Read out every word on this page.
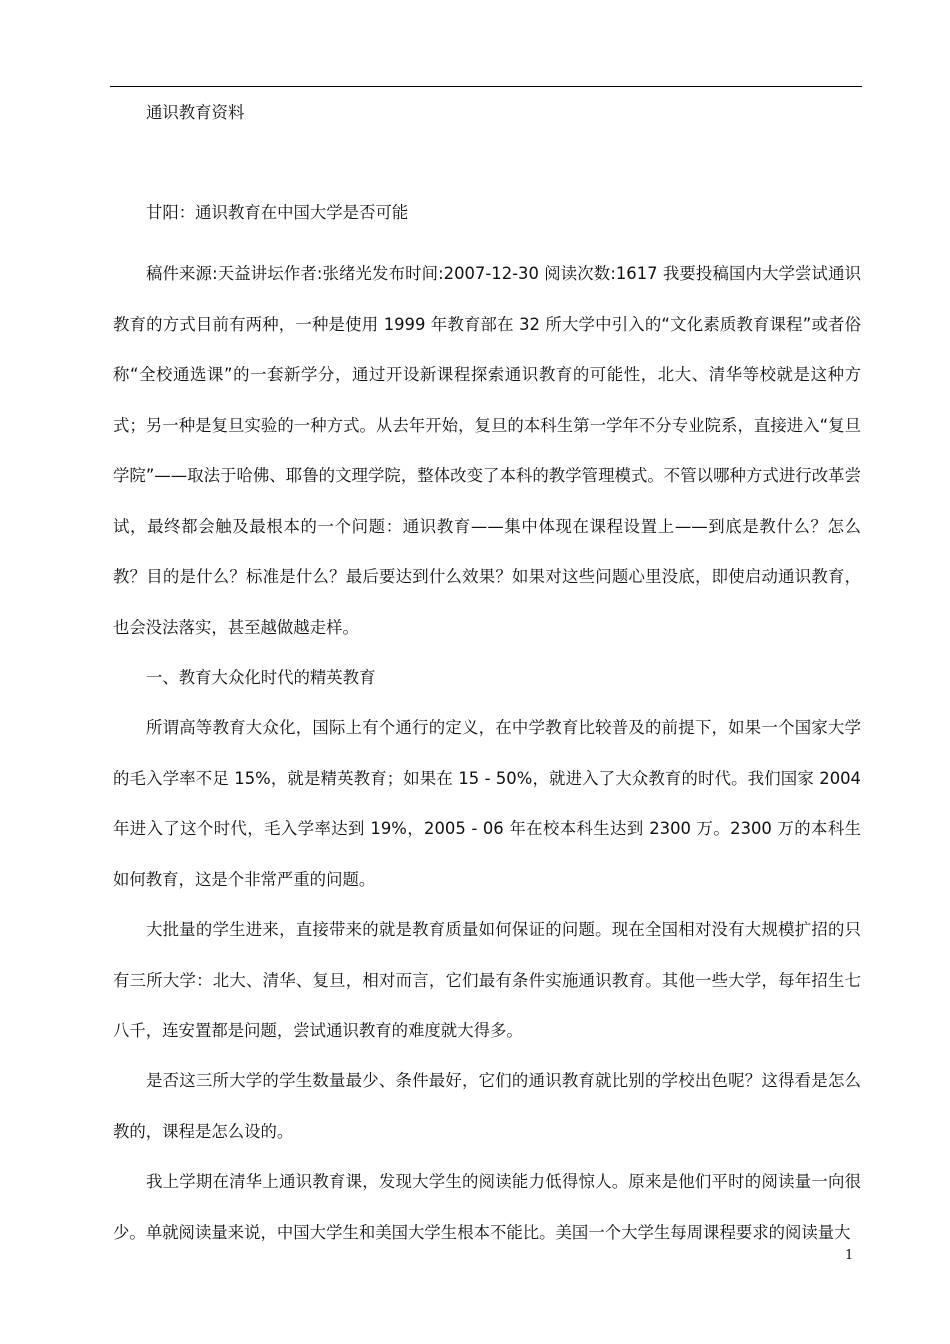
通识教育资料

甘阳：通识教育在中国大学是否可能

稿件来源:天益讲坛作者:张绪光发布时间:2007-12-30 阅读次数:1617 我要投稿国内大学尝试通识教育的方式目前有两种，一种是使用 1999 年教育部在 32 所大学中引入的“文化素质教育课程”或者俗称“全校通选课”的一套新学分，通过开设新课程探索通识教育的可能性，北大、清华等校就是这种方式；另一种是复旦实验的一种方式。从去年开始，复旦的本科生第一学年不分专业院系，直接进入“复旦学院”——取法于哈佛、耶鲁的文理学院，整体改变了本科的教学管理模式。不管以哪种方式进行改革尝试，最终都会触及最根本的一个问题：通识教育——集中体现在课程设置上——到底是教什么？怎么教？目的是什么？标准是什么？最后要达到什么效果？如果对这些问题心里没底，即使启动通识教育，也会没法落实，甚至越做越走样。

一、教育大众化时代的精英教育

所谓高等教育大众化，国际上有个通行的定义，在中学教育比较普及的前提下，如果一个国家大学的毛入学率不足 15%，就是精英教育；如果在 15 - 50%，就进入了大众教育的时代。我们国家 2004 年进入了这个时代，毛入学率达到 19%，2005 - 06 年在校本科生达到 2300 万。2300 万的本科生如何教育，这是个非常严重的问题。

大批量的学生进来，直接带来的就是教育质量如何保证的问题。现在全国相对没有大规模扩招的只有三所大学：北大、清华、复旦，相对而言，它们最有条件实施通识教育。其他一些大学，每年招生七八千，连安置都是问题，尝试通识教育的难度就大得多。

是否这三所大学的学生数量最少、条件最好，它们的通识教育就比别的学校出色呢？这得看是怎么教的，课程是怎么设的。

我上学期在清华上通识教育课，发现大学生的阅读能力低得惊人。原来是他们平时的阅读量一向很少。单就阅读量来说，中国大学生和美国大学生根本不能比。美国一个大学生每周课程要求的阅读量大

1
